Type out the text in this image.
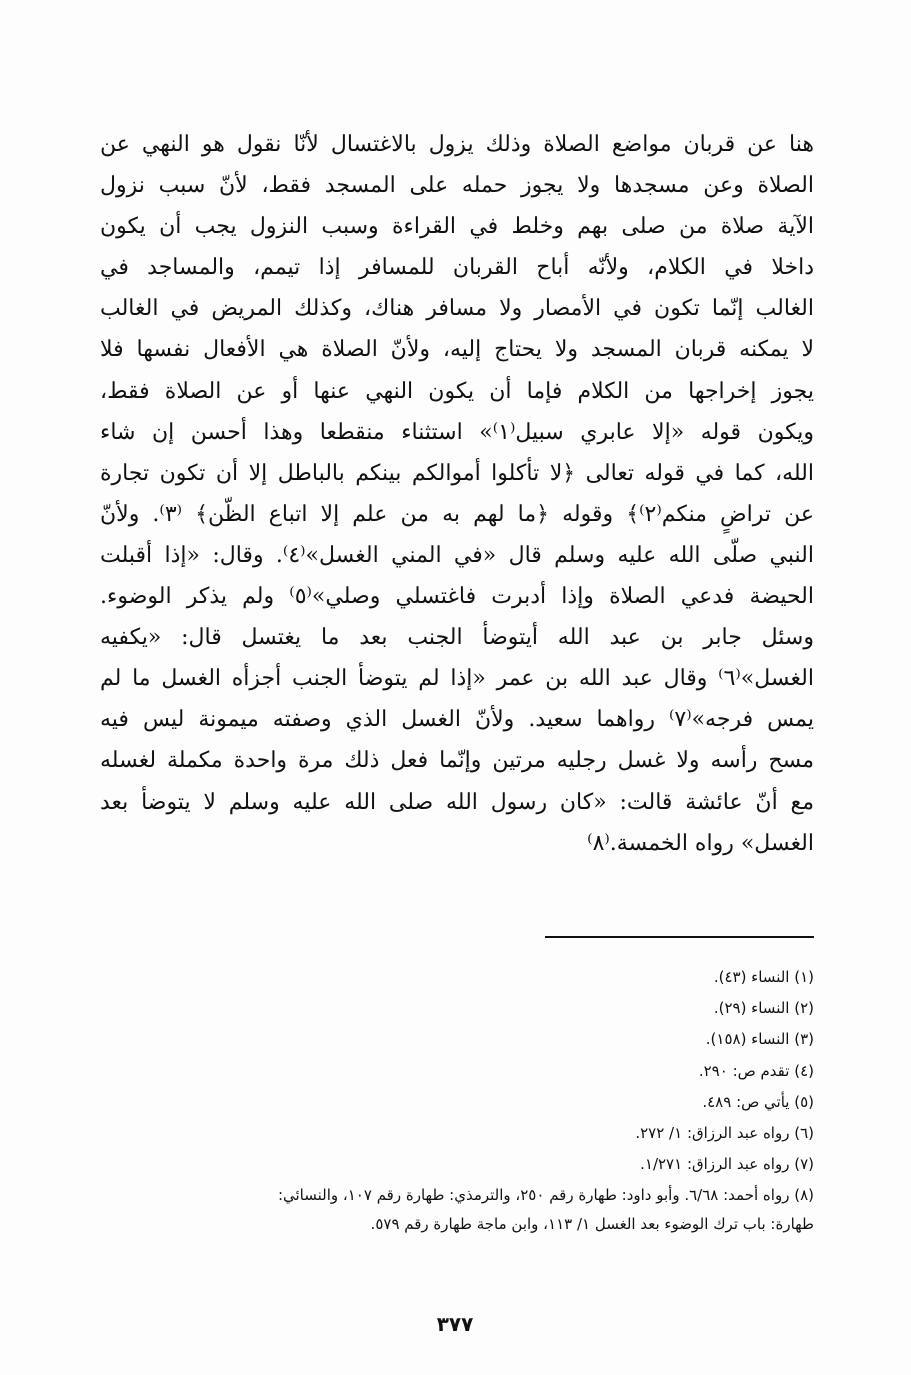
هنا عن قربان مواضع الصلاة وذلك يزول بالاغتسال لأنّا نقول هو النهي عن
الصلاة وعن مسجدها ولا يجوز حمله على المسجد فقط، لأنّ سبب نزول
الآية صلاة من صلى بهم وخلط في القراءة وسبب النزول يجب أن يكون
داخلا في الكلام، ولأنّه أباح القربان للمسافر إذا تيمم، والمساجد في
الغالب إنّما تكون في الأمصار ولا مسافر هناك، وكذلك المريض في الغالب
لا يمكنه قربان المسجد ولا يحتاج إليه، ولأنّ الصلاة هي الأفعال نفسها فلا
يجوز إخراجها من الكلام فإما أن يكون النهي عنها أو عن الصلاة فقط،
ويكون قوله «إلا عابري سبيل⁽١⁾» استثناء منقطعا وهذا أحسن إن شاء
الله، كما في قوله تعالى ﴿لا تأكلوا أموالكم بينكم بالباطل إلا أن تكون تجارة
عن تراضٍ منكم⁽٢⁾﴾ وقوله ﴿ما لهم به من علم إلا اتباع الظّن﴾ ⁽٣⁾. ولأنّ
النبي صلّى الله عليه وسلم قال «في المني الغسل»⁽٤⁾. وقال: «إذا أقبلت
الحيضة فدعي الصلاة وإذا أدبرت فاغتسلي وصلي»⁽٥⁾ ولم يذكر الوضوء.
وسئل جابر بن عبد الله أيتوضأ الجنب بعد ما يغتسل قال: «يكفيه
الغسل»⁽٦⁾ وقال عبد الله بن عمر «إذا لم يتوضأ الجنب أجزأه الغسل ما لم
يمس فرجه»⁽٧⁾ رواهما سعيد. ولأنّ الغسل الذي وصفته ميمونة ليس فيه
مسح رأسه ولا غسل رجليه مرتين وإنّما فعل ذلك مرة واحدة مكملة لغسله
مع أنّ عائشة قالت: «كان رسول الله صلى الله عليه وسلم لا يتوضأ بعد
الغسل» رواه الخمسة.⁽٨⁾
(١) النساء (٤٣).
(٢) النساء (٢٩).
(٣) النساء (١٥٨).
(٤) تقدم ص: ٢٩٠.
(٥) يأتي ص: ٤٨٩.
(٦) رواه عبد الرزاق: ١/ ٢٧٢.
(٧) رواه عبد الرزاق: ١/٢٧١.
(٨) رواه أحمد: ٦/٦٨. وأبو داود: طهارة رقم ٢٥٠، والترمذي: طهارة رقم ١٠٧، والنسائي:
طهارة: باب ترك الوضوء بعد الغسل ١/ ١١٣، وابن ماجة طهارة رقم ٥٧٩.
٣٧٧
